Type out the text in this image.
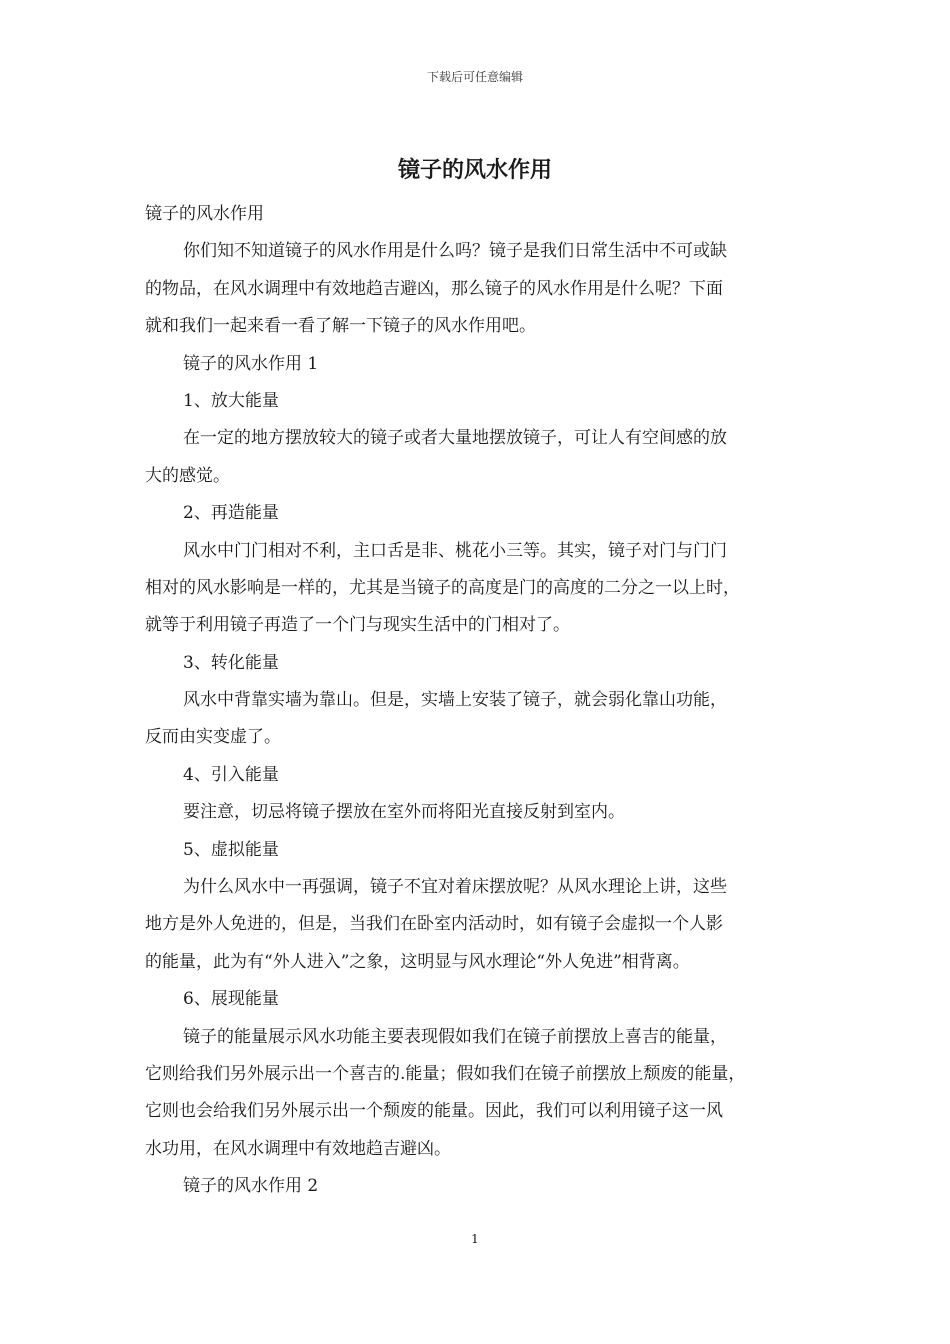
下载后可任意编辑
镜子的风水作用
镜子的风水作用
你们知不知道镜子的风水作用是什么吗？镜子是我们日常生活中不可或缺
的物品，在风水调理中有效地趋吉避凶，那么镜子的风水作用是什么呢？下面
就和我们一起来看一看了解一下镜子的风水作用吧。
镜子的风水作用 1
1、放大能量
在一定的地方摆放较大的镜子或者大量地摆放镜子，可让人有空间感的放
大的感觉。
2、再造能量
风水中门门相对不利，主口舌是非、桃花小三等。其实，镜子对门与门门
相对的风水影响是一样的，尤其是当镜子的高度是门的高度的二分之一以上时，
就等于利用镜子再造了一个门与现实生活中的门相对了。
3、转化能量
风水中背靠实墙为靠山。但是，实墙上安装了镜子，就会弱化靠山功能，
反而由实变虚了。
4、引入能量
要注意，切忌将镜子摆放在室外而将阳光直接反射到室内。
5、虚拟能量
为什么风水中一再强调，镜子不宜对着床摆放呢？从风水理论上讲，这些
地方是外人免进的，但是，当我们在卧室内活动时，如有镜子会虚拟一个人影
的能量，此为有“外人进入”之象，这明显与风水理论“外人免进”相背离。
6、展现能量
镜子的能量展示风水功能主要表现假如我们在镜子前摆放上喜吉的能量，
它则给我们另外展示出一个喜吉的.能量；假如我们在镜子前摆放上颓废的能量，
它则也会给我们另外展示出一个颓废的能量。因此，我们可以利用镜子这一风
水功用，在风水调理中有效地趋吉避凶。
镜子的风水作用 2
1
